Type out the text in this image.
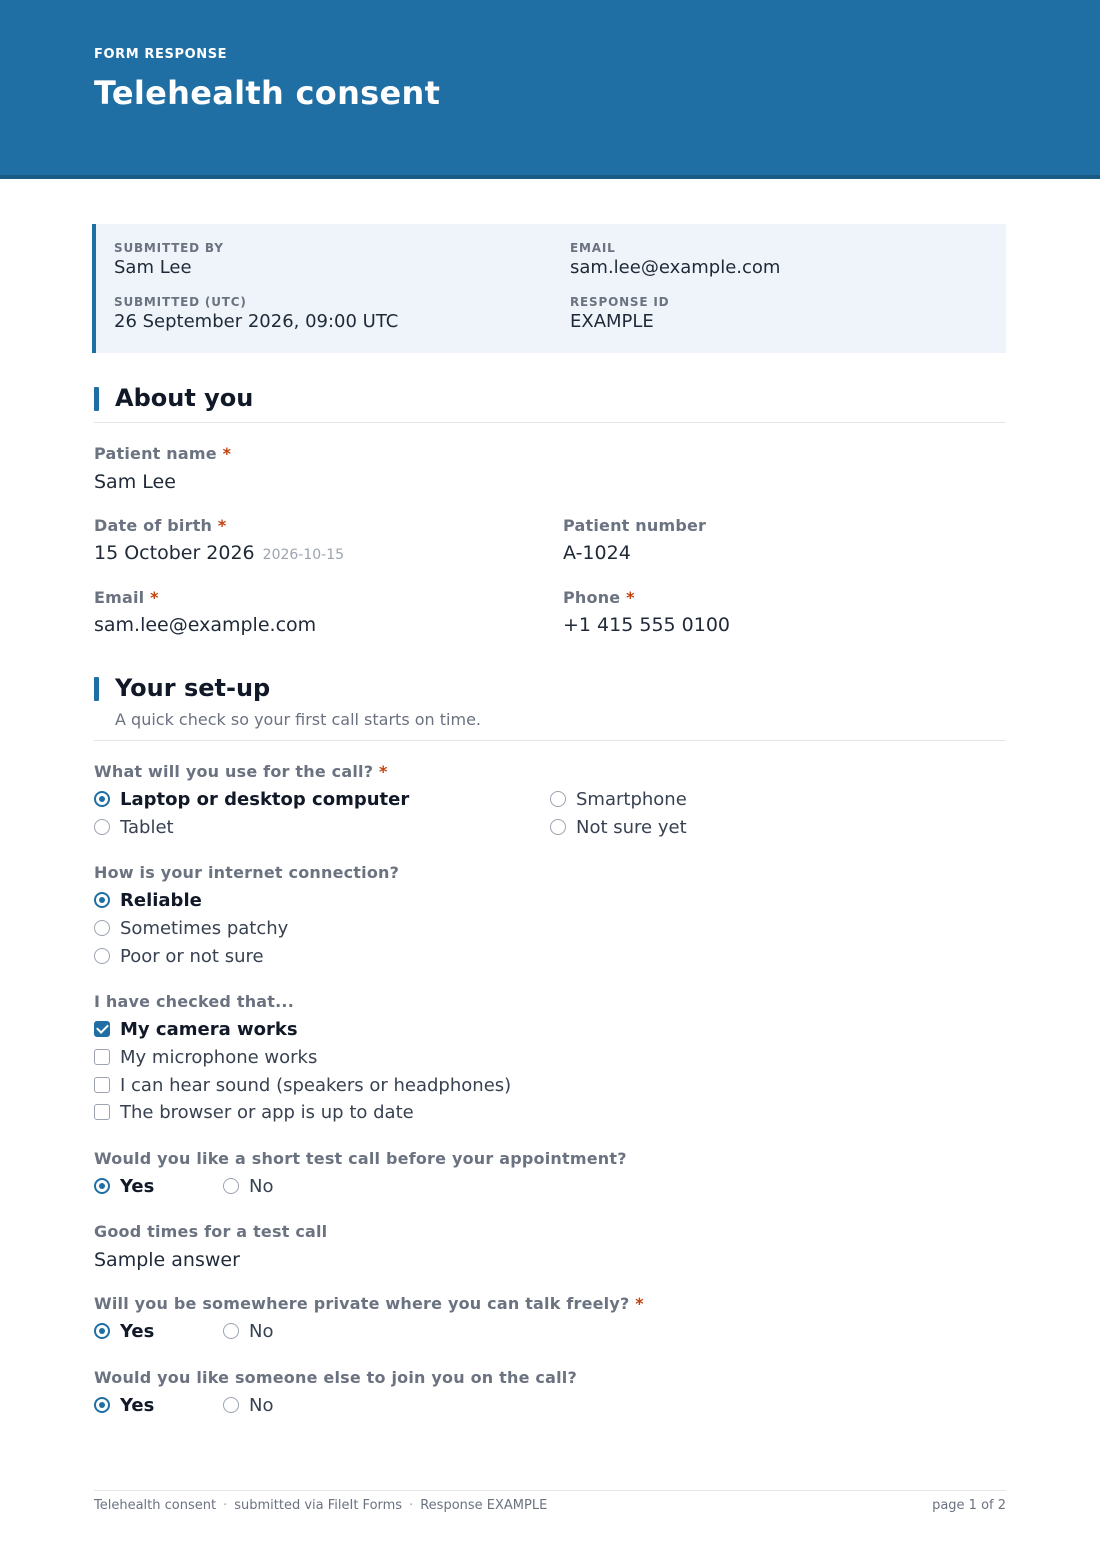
FORM RESPONSE
Telehealth consent
SUBMITTED BY
Sam Lee
EMAIL
sam.lee@example.com
SUBMITTED (UTC)
26 September 2026, 09:00 UTC
RESPONSE ID
EXAMPLE
About you
Patient name *
Sam Lee
Date of birth *
15 October 2026 2026-10-15
Patient number
A-1024
Email *
sam.lee@example.com
Phone *
+1 415 555 0100
Your set-up
A quick check so your first call starts on time.
What will you use for the call? *
Laptop or desktop computer	Smartphone
Tablet	Not sure yet
How is your internet connection?
Reliable
Sometimes patchy
Poor or not sure
I have checked that...
My camera works
My microphone works
I can hear sound (speakers or headphones)
The browser or app is up to date
Would you like a short test call before your appointment?
Yes	No
Good times for a test call
Sample answer
Will you be somewhere private where you can talk freely? *
Yes	No
Would you like someone else to join you on the call?
Yes	No
Telehealth consent · submitted via FileIt Forms · Response EXAMPLE	page 1 of 2
